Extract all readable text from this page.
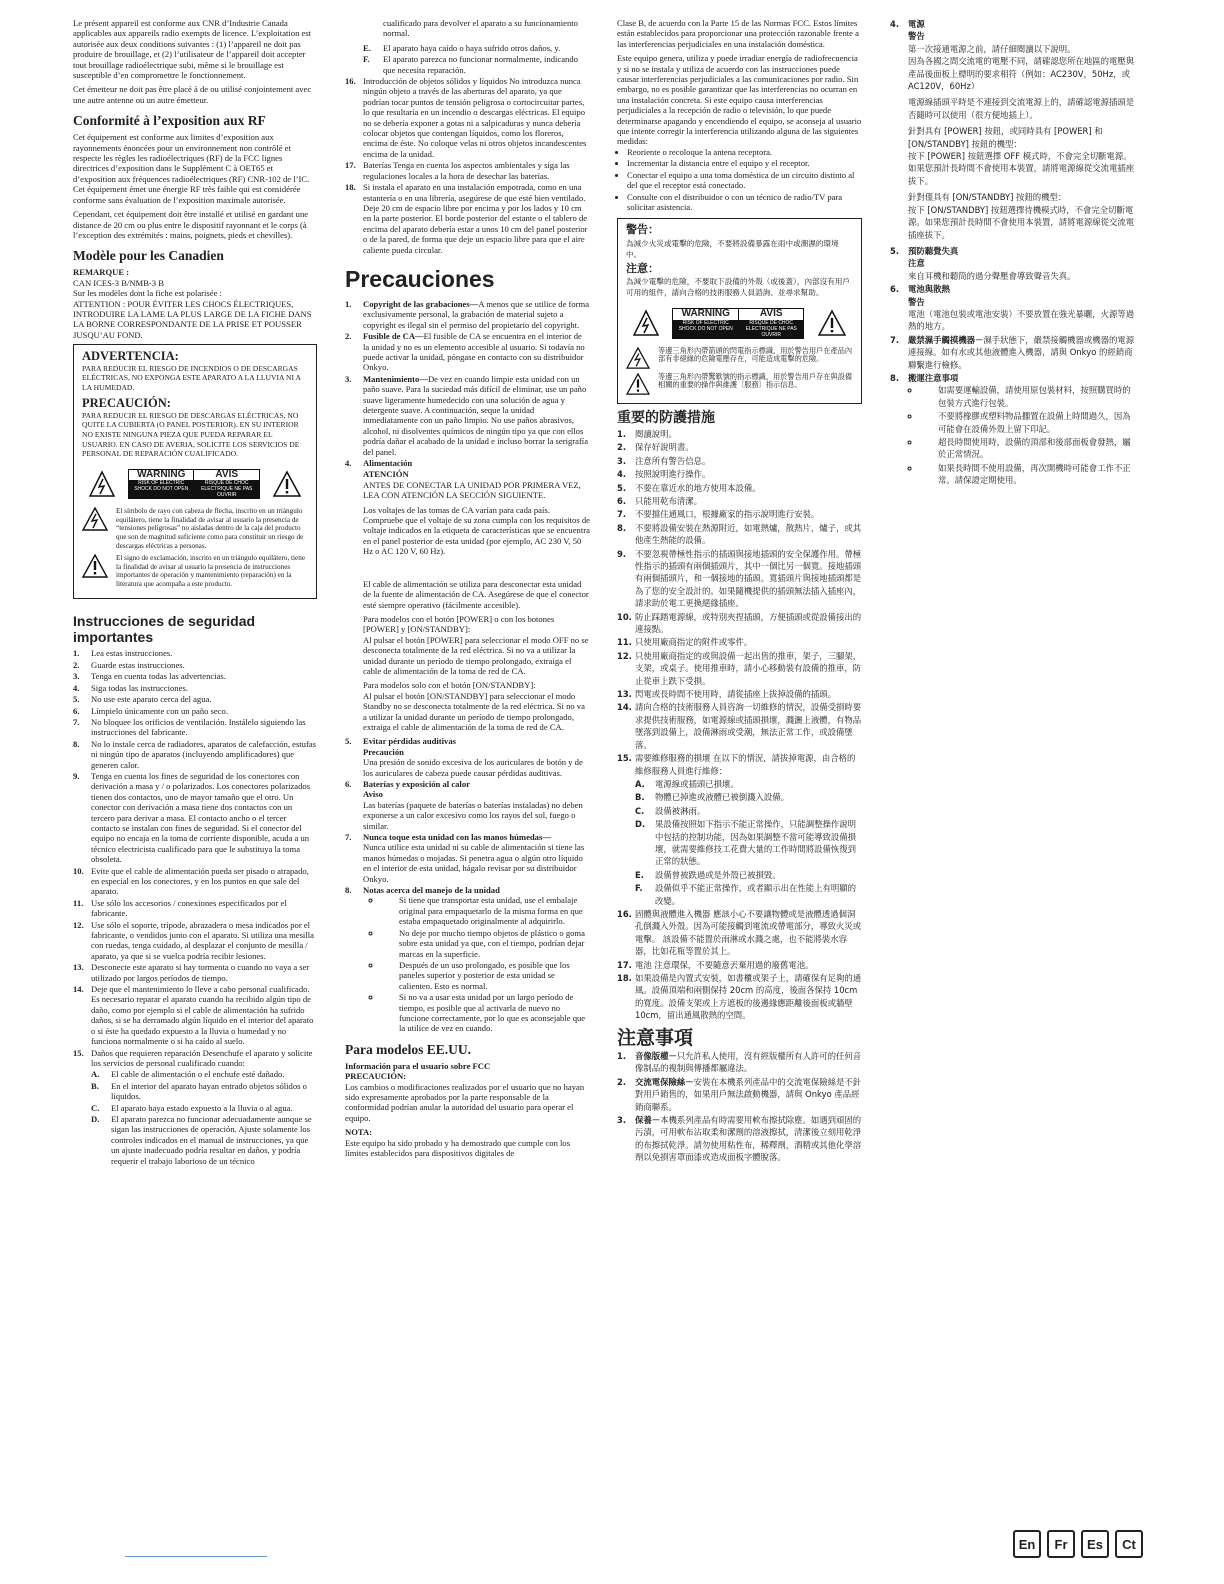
Le présent appareil est conforme aux CNR d’Industrie Canada applicables aux appareils radio exempts de licence. L’exploitation est autorisée aux deux conditions suivantes : (1) l’appareil ne doit pas produire de brouillage, et (2) l’utilisateur de l’appareil doit accepter tout brouillage radioélectrique subi, même si le brouillage est susceptible d’en compromettre le fonctionnement.

Cet émetteur ne doit pas être placé à de ou utilisé conjointement avec une autre antenne ou un autre émetteur.

Conformité à l’exposition aux RF

Cet équipement est conforme aux limites d’exposition aux rayonnements énoncées pour un environnement non contrôlé et respecte les règles les radioélectriques (RF) de la FCC lignes directrices d’exposition dans le Supplément C à OET65 et d’exposition aux fréquences radioélectriques (RF) CNR-102 de l’IC. Cet équipement émet une énergie RF très faible qui est considérée conforme sans évaluation de l’exposition maximale autorisée.

Cependant, cet équipement doit être installé et utilisé en gardant une distance de 20 cm ou plus entre le dispositif rayonnant et le corps (à l’exception des extrémités : mains, poignets, pieds et chevilles).

Modèle pour les Canadien
REMARQUE :
CAN ICES-3 B/NMB-3 B
Sur les modèles dont la fiche est polarisée :

ATTENTION : POUR ÉVITER LES CHOCS ÉLECTRIQUES, INTRODUIRE LA LAME LA PLUS LARGE DE LA FICHE DANS LA BORNE CORRESPONDANTE DE LA PRISE ET POUSSER JUSQU’AU FOND.

ADVERTENCIA:
PARA REDUCIR EL RIESGO DE INCENDIOS O DE DESCARGAS ELÉCTRICAS, NO EXPONGA ESTE APARATO A LA LLUVIA NI A LA HUMEDAD.
PRECAUCIÓN:
PARA REDUCIR EL RIESGO DE DESCARGAS ELÉCTRICAS, NO QUITE LA CUBIERTA (O PANEL POSTERIOR). EN SU INTERIOR NO EXISTE NINGUNA PIEZA QUE PUEDA REPARAR EL USUARIO. EN CASO DE AVERIA, SOLICITE LOS SERVICIOS DE PERSONAL DE REPARACIÓN CUALIFICADO.
WARNING	AVIS
RISK OF ELECTRIC SHOCK DO NOT OPEN
RISQUE DE CHOC ELECTRIQUE NE PAS OUVRIR
El símbolo de rayo con cabeza de flecha, inscrito en un triángulo equilátero, tiene la finalidad de avisar al usuario la presencia de “tensiones peligrosas” no aisladas dentro de la caja del producto que son de magnitud suficiente como para constituir un riesgo de descargas eléctricas a personas.
El signo de exclamación, inscrito en un triángulo equilátero, tiene la finalidad de avisar al usuario la presencia de instrucciones importantes de operación y mantenimiento (reparación) en la literatura que acompaña a este producto.
Instrucciones de seguridad importantes
1. Lea estas instrucciones.
2. Guarde estas instrucciones.
3. Tenga en cuenta todas las advertencias.
4. Siga todas las instrucciones.
5. No use este aparato cerca del agua.
6. Límpielo únicamente con un paño seco.
7. No bloquee los orificios de ventilación. Instálelo siguiendo las instrucciones del fabricante.
8. No lo instale cerca de radiadores, aparatos de calefacción, estufas ni ningún tipo de aparatos (incluyendo amplificadores) que generen calor.
9. Tenga en cuenta los fines de seguridad de los conectores con derivación a masa y / o polarizados. Los conectores polarizados tienen dos contactos, uno de mayor tamaño que el otro. Un conector con derivación a masa tiene dos contactos con un tercero para derivar a masa. El contacto ancho o el tercer contacto se instalan con fines de seguridad. Si el conector del equipo no encaja en la toma de corriente disponible, acuda a un técnico electricista cualificado para que le substituya la toma obsoleta.
10. Evite que el cable de alimentación pueda ser pisado o atrapado, en especial en los conectores, y en los puntos en que sale del aparato.
11. Use sólo los accesorios / conexiones especificados por el fabricante.
12. Use sólo el soporte, trípode, abrazadera o mesa indicados por el fabricante, o vendidos junto con el aparato. Si utiliza una mesilla con ruedas, tenga cuidado, al desplazar el conjunto de mesilla / aparato, ya que si se vuelca podría recibir lesiones.
13. Desconecte este aparato si hay tormenta o cuando no vaya a ser utilizado por largos períodos de tiempo.
14. Deje que el mantenimiento lo lleve a cabo personal cualificado. Es necesario reparar el aparato cuando ha recibido algún tipo de daño, como por ejemplo si el cable de alimentación ha sufrido daños, si se ha derramado algún líquido en el interior del aparato o si éste ha quedado expuesto a la lluvia o humedad y no funciona normalmente o si ha caído al suelo.
15. Daños que requieren reparación Desenchufe el aparato y solicite los servicios de personal cualificado cuando:
A. El cable de alimentación o el enchufe esté dañado.
B. En el interior del aparato hayan entrado objetos sólidos o líquidos.
C. El aparato haya estado expuesto a la lluvia o al agua.
D. El aparato parezca no funcionar adecuadamente aunque se sigan las instrucciones de operación. Ajuste solamente los controles indicados en el manual de instrucciones, ya que un ajuste inadecuado podría resultar en daños, y podría requerir el trabajo laborioso de un técnico

cualificado para devolver el aparato a su funcionamiento normal.

E. El aparato haya caído o haya sufrido otros daños, y.
F. El aparato parezca no funcionar normalmente, indicando que necesita reparación.
16. Introducción de objetos sólidos y líquidos No introduzca nunca ningún objeto a través de las aberturas del aparato, ya que podrían tocar puntos de tensión peligrosa o cortocircuitar partes, lo que resultaría en un incendio o descargas eléctricas. El equipo no se debería exponer a gotas ni a salpicaduras y nunca debería colocar objetos que contengan líquidos, como los floreros, encima de éste. No coloque velas ni otros objetos incandescentes encima de la unidad.
17. Baterías Tenga en cuenta los aspectos ambientales y siga las regulaciones locales a la hora de desechar las baterías.
18. Si instala el aparato en una instalación empotrada, como en una estantería o en una librería, asegúrese de que esté bien ventilado. Deje 20 cm de espacio libre por encima y por los lados y 10 cm en la parte posterior. El borde posterior del estante o el tablero de encima del aparato debería estar a unos 10 cm del panel posterior o de la pared, de forma que deje un espacio libre para que el aire caliente pueda circular.
Precauciones
1. Copyright de las grabaciones—A menos que se utilice de forma exclusivamente personal, la grabación de material sujeto a copyright es ilegal sin el permiso del propietario del copyright.
2. Fusible de CA—El fusible de CA se encuentra en el interior de la unidad y no es un elemento accesible al usuario. Si todavía no puede activar la unidad, póngase en contacto con su distribuidor Onkyo.
3. Mantenimiento—De vez en cuando limpie esta unidad con un paño suave. Para la suciedad más difícil de eliminar, use un paño suave ligeramente humedecido con una solución de agua y detergente suave. A continuación, seque la unidad inmediatamente con un paño limpio. No use paños abrasivos, alcohol, ni disolventes químicos de ningún tipo ya que con ellos podría dañar el acabado de la unidad e incluso borrar la serigrafía del panel.
4. Alimentación
ATENCIÓN

ANTES DE CONECTAR LA UNIDAD POR PRIMERA VEZ, LEA CON ATENCIÓN LA SECCIÓN SIGUIENTE.

Los voltajes de las tomas de CA varían para cada país. Compruebe que el voltaje de su zona cumpla con los requisitos de voltaje indicados en la etiqueta de características que se encuentra en el panel posterior de esta unidad (por ejemplo, AC 230 V, 50 Hz o AC 120 V, 60 Hz).

El cable de alimentación se utiliza para desconectar esta unidad de la fuente de alimentación de CA. Asegúrese de que el conector esté siempre operativo (fácilmente accesible).

Para modelos con el botón [POWER] o con los botones [POWER] y [ON/STANDBY]:

Al pulsar el botón [POWER] para seleccionar el modo OFF no se desconecta totalmente de la red eléctrica. Si no va a utilizar la unidad durante un período de tiempo prolongado, extraiga el cable de alimentación de la toma de red de CA.

Para modelos solo con el botón [ON/STANDBY]:

Al pulsar el botón [ON/STANDBY] para seleccionar el modo Standby no se desconecta totalmente de la red eléctrica. Si no va a utilizar la unidad durante un período de tiempo prolongado, extraiga el cable de alimentación de la toma de red de CA.

5. Evitar pérdidas auditivas
Precaución
Una presión de sonido excesiva de los auriculares de botón y de los auriculares de cabeza puede causar pérdidas auditivas.
6. Baterías y exposición al calor
Aviso
Las baterías (paquete de baterías o baterías instaladas) no deben exponerse a un calor excesivo como los rayos del sol, fuego o similar.
7. Nunca toque esta unidad con las manos húmedas—
Nunca utilice esta unidad ni su cable de alimentación si tiene las manos húmedas o mojadas. Si penetra agua o algún otro líquido en el interior de esta unidad, hágalo revisar por su distribuidor Onkyo.
8. Notas acerca del manejo de la unidad
◦ Si tiene que transportar esta unidad, use el embalaje original para empaquetarlo de la misma forma en que estaba empaquetado originalmente al adquirirlo.
◦ No deje por mucho tiempo objetos de plástico o goma sobre esta unidad ya que, con el tiempo, podrían dejar marcas en la superficie.
◦ Después de un uso prolongado, es posible que los paneles superior y posterior de esta unidad se calienten. Esto es normal.
◦ Si no va a usar esta unidad por un largo período de tiempo, es posible que al activarla de nuevo no funcione correctamente, por lo que es aconsejable que la utilice de vez en cuando.
Para modelos EE.UU.
Información para el usuario sobre FCC
PRECAUCIÓN:

Los cambios o modificaciones realizados por el usuario que no hayan sido expresamente aprobados por la parte responsable de la conformidad podrían anular la autoridad del usuario para operar el equipo.

NOTA:

Este equipo ha sido probado y ha demostrado que cumple con los límites establecidos para dispositivos digitales de

Clase B, de acuerdo con la Parte 15 de las Normas FCC. Estos límites están establecidos para proporcionar una protección razonable frente a las interferencias perjudiciales en una instalación doméstica.

Este equipo genera, utiliza y puede irradiar energía de radiofrecuencia y si no se instala y utiliza de acuerdo con las instrucciones puede causar interferencias perjudiciales a las comunicaciones por radio. Sin embargo, no es posible garantizar que las interferencias no ocurran en una instalación concreta. Si este equipo causa interferencias perjudiciales a la recepción de radio o televisión, lo que puede determinarse apagando y encendiendo el equipo, se aconseja al usuario que intente corregir la interferencia utilizando alguna de las siguientes medidas:

• Reoriente o recoloque la antena receptora.
• Incrementar la distancia entre el equipo y el receptor.
• Conectar el equipo a una toma doméstica de un circuito distinto al del que el receptor está conectado.
• Consulte con el distribuidor o con un técnico de radio/TV para solicitar asistencia.
警告：
為減少火災或電擊的危險，不要將設備暴露在雨中或潮濕的環境中。
注意：
為減少電擊的危險，不要取下設備的外殼（或後蓋），內部沒有用戶可用的組件，請向合格的技術服務人員諮詢、並尋求幫助。
WARNING	AVIS
RISK OF ELECTRIC SHOCK DO NOT OPEN
RISQUE DE CHOC ELECTRIQUE NE PAS OUVRIR
等邊三角形內帶箭頭的閃電指示標識，用於警告用戶在產品內部有非絕緣的危險電壓存在，可能造成電擊的危險。
等邊三角形內帶驚歎號的指示標識，用於警告用戶存在與設備相關的重要的操作與維護〔服務〕指示信息。
重要的防護措施
1. 閱讀說明。
2. 保存好說明書。
3. 注意所有警告信息。
4. 按照說明進行操作。
5. 不要在靠近水的地方使用本設備。
6. 只能用乾布清潔。
7. 不要擋住通風口，根據廠家的指示說明進行安裝。
8. 不要將設備安裝在熱源附近，如電熱爐，散熱片，爐子，或其他產生熱能的設備。
9. 不要忽視帶極性指示的插頭與接地插頭的安全保護作用。帶極性指示的插頭有兩個插頭片，其中一個比另一個寬。接地插頭有兩個插頭片，和一個接地的插頭。寬插頭片與接地插頭都是為了您的安全設計的。如果隨機提供的插頭無法插入插座內，請求助於電工更換絕緣插座。
10. 防止踩踏電源線，或特別夾捏插頭，方便插頭或從設備接出的連接點。
11. 只使用廠商指定的附件或零件。
12. 只使用廠商指定的或與設備一起出售的推車，架子，三腳架，支架，或桌子。使用推車時，請小心移動裝有設備的推車，防止從車上跌下受損。
13. 閃電或長時間不使用時，請從插座上拔掉設備的插頭。
14. 請向合格的技術服務人員咨詢一切維修的情況，設備受損時要求提供技術服務，如電源線或插頭損壞，濺灑上液體，有物品墜落到設備上，設備淋雨或受潮，無法正常工作，或設備墜落。
15. 需要維修服務的損壞 在以下的情況，請拔掉電源，由合格的維修服務人員進行維修：
A. 電源線或插頭已損壞。
B. 物體已掉進或液體已被倒濺入設備。
C. 設備被淋雨。
D. 果設備按照如下指示不能正常操作，只能調整操作說明中包括的控制功能，因為如果調整不當可能導致設備損壞，就需要維修技工花費大量的工作時間將設備恢復到正常的狀態。
E. 設備曾被跌過或是外殼已被損毀。
F. 設備似乎不能正常操作，或者顯示出在性能上有明顯的改變。
16. 固體與液體進入機器 應該小心不要讓物體或是液體透過個洞孔倒濺入外殼。因為可能接觸到電流或帶電部分，導致火災或電擊。 該設備不能置於雨淋或水濺之處，也不能將裝水容器，比如花瓶等置於其上。
17. 電池 注意環保，不要隨意丟棄用過的廢舊電池。
18. 如果設備是內置式安裝，如書櫃或架子上，請確保有足夠的通風。設備頂端和兩側保持 20cm 的高度，後面各保持 10cm 的寬度。設備支架或上方遮板的後邊緣應距離後面板或牆壁 10cm，留出通風散熱的空間。
注意事項
1. 音像版權－只允許私人使用，沒有經版權所有人許可的任何音像制品的複制與傳播都屬違法。
2. 交流電保險絲－安裝在本機系列產品中的交流電保險絲是不針對用戶銷售的，如果用戶無法啟動機器，請與 Onkyo 產品經銷商聯系。
3. 保養－本機系列產品有時需要用軟布擦拭除塵。如遇到頑固的污漬，可用軟布沾取柔和潔劑的溶液擦拭，清潔後立刻用乾淨的布擦拭乾淨。請勿使用粘性布，稀釋劑，酒精或其他化學溶劑以免損害罩面漆或造成面板字體脫落。
4. 電源
警告
第一次接通電源之前，請仔細閱讀以下說明。

因為各國之間交流電的電壓不同，請確認您所在地區的電壓與產品後面板上標明的要求相符（例如：AC230V，50Hz，或 AC120V，60Hz）

電源線插頭平時是不連接到交流電源上的，請確認電源插頭是否隨時可以使用（很方便地插上）。

針對具有 [POWER] 按鈕，或同時具有 [POWER] 和 [ON/STANDBY] 按鈕的機型：

按下 [POWER] 按鈕選擇 OFF 模式時，不會完全切斷電源。如果您預計長時間不會使用本裝置，請將電源線從交流電插座拔下。

針對僅具有 [ON/STANDBY] 按鈕的機型：

按下 [ON/STANDBY] 按鈕選擇待機模式時，不會完全切斷電源。如果您預計長時間不會使用本裝置，請將電源線從交流電插座拔下。

5. 預防聽覺失真
注意
來自耳機和聽筒的過分聲壓會導致聲音失真。
6. 電池與散熱
警告
電池（電池包裝或電池安裝）不要放置在強光暴曬，火源等過熱的地方。
7. 嚴禁濕手觸摸機器－濕手狀態下，嚴禁接觸機器或機器的電源連接線。如有水或其他液體進入機器，請與 Onkyo 的經銷商聯繫進行檢修。
8. 搬運注意事項
◦ 如需要運輸設備，請使用原包裝材料，按照購買時的包裝方式進行包裝。
◦ 不要將橡膠或塑料物品擱置在設備上時間過久，因為可能會在設備外殼上留下印記。
◦ 超長時間使用時，設備的頂部和後部面板會發熱，屬於正常情況。
◦ 如果長時間不使用設備，再次開機時可能會工作不正常。請保證定期使用。
En	Fr	Es	Ct
